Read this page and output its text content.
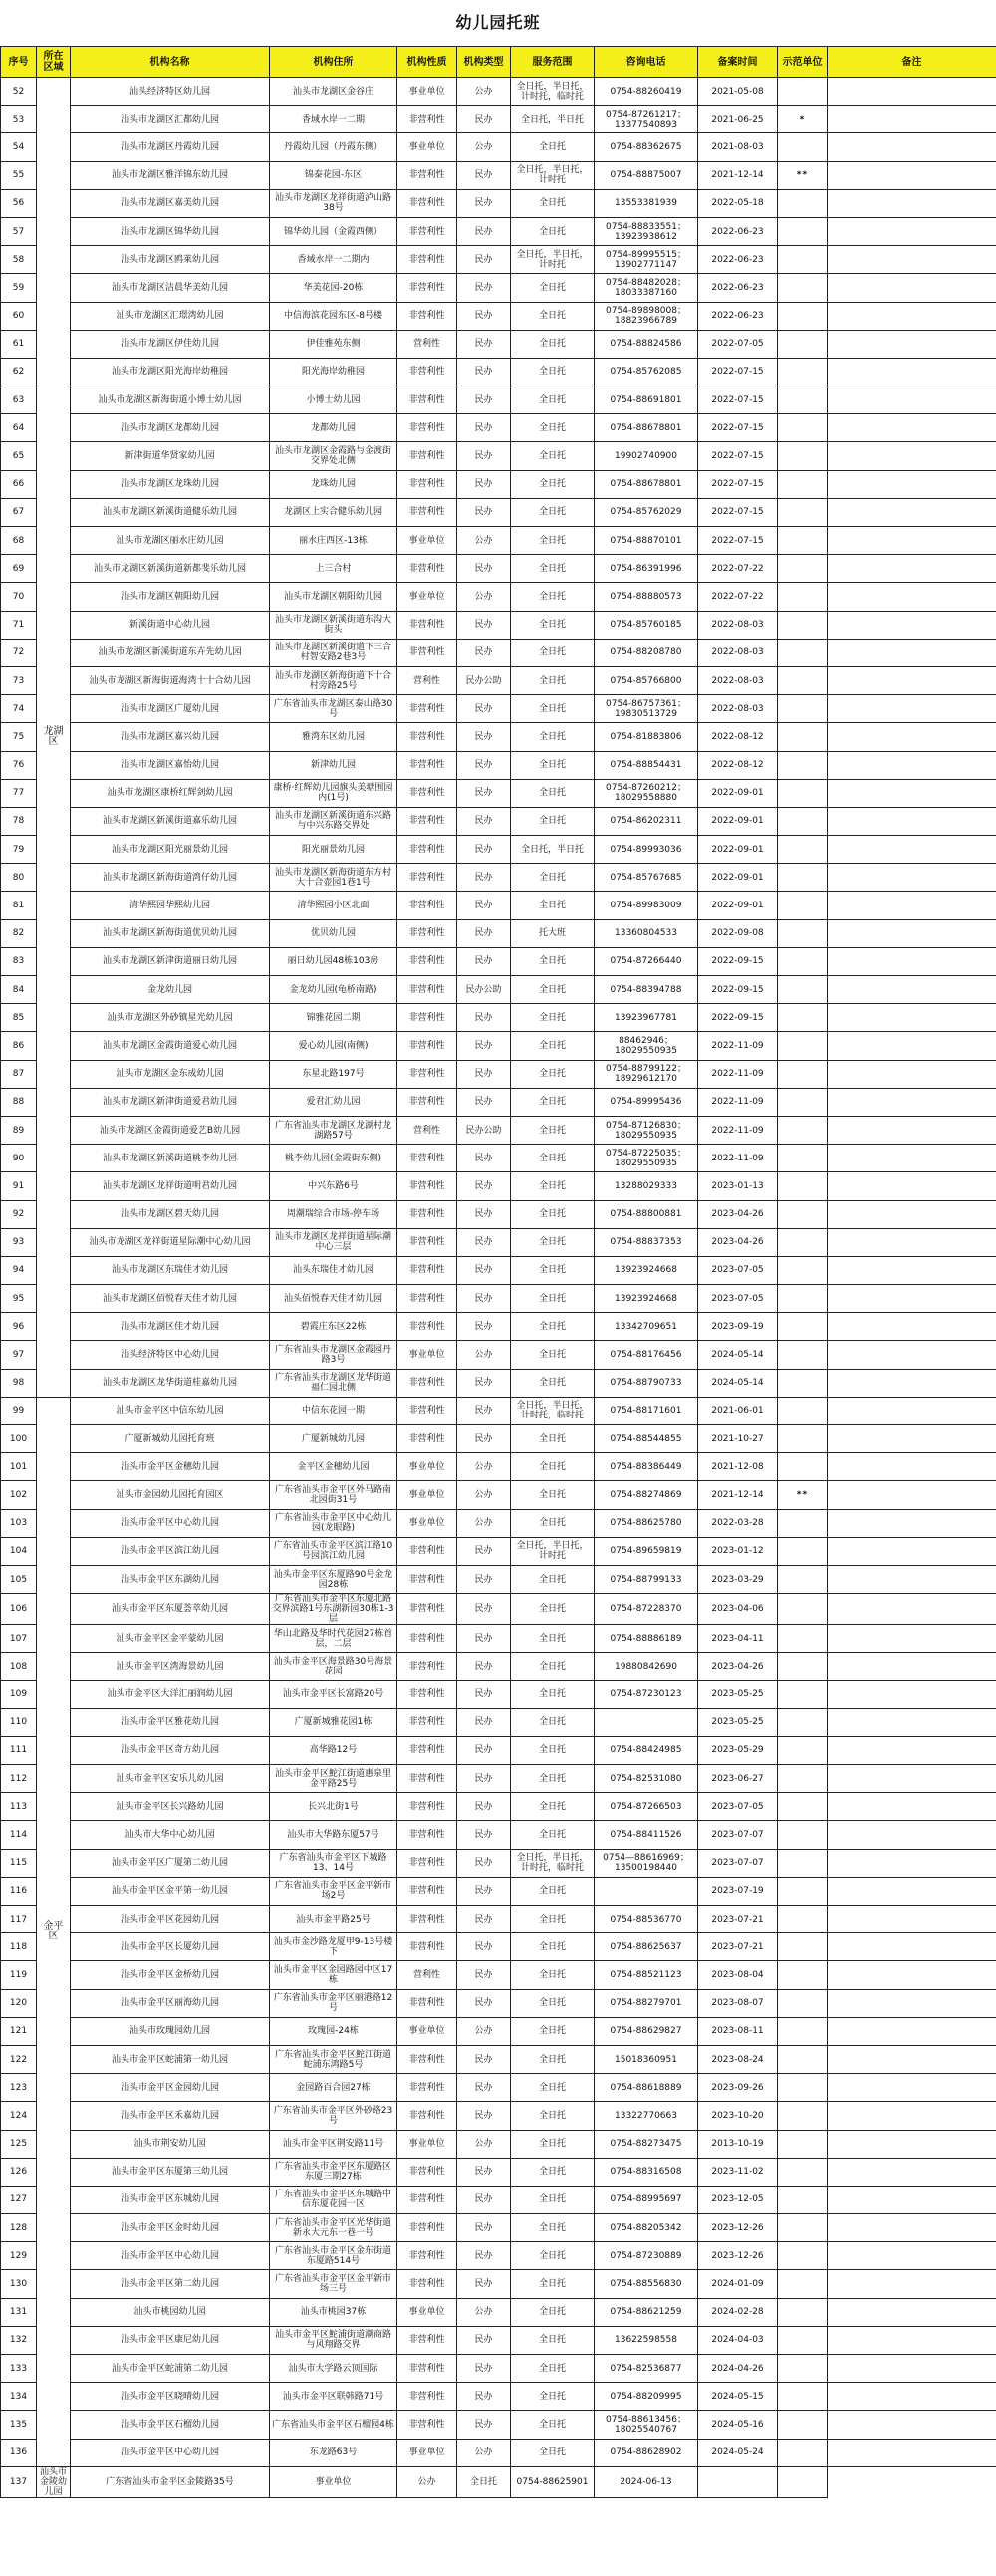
幼儿园托班
序号	所在区域	机构名称	机构住所	机构性质	机构类型	服务范围	咨询电话	备案时间	示范单位	备注
52	龙湖区	汕头经济特区幼儿园	汕头市龙湖区金谷庄	事业单位	公办	全日托，半日托，计时托，临时托	0754-88260419	2021-05-08		
53		汕头市龙湖区汇都幼儿园	香域水岸一二期	非营利性	民办	全日托，半日托	0754-87261217；13377540893	2021-06-25	*	
54		汕头市龙湖区丹霞幼儿园	丹霞幼儿园（丹霞东侧）	事业单位	公办	全日托	0754-88362675	2021-08-03		
55		汕头市龙湖区雅洋锦东幼儿园	锦泰花园-东区	非营利性	民办	全日托，半日托，计时托	0754-88875007	2021-12-14	**	
56		汕头市龙湖区嘉美幼儿园	汕头市龙湖区龙祥街道泸山路38号	非营利性	民办	全日托	13553381939	2022-05-18		
57		汕头市龙湖区锦华幼儿园	锦华幼儿园（金霞西侧）	非营利性	民办	全日托	0754-88833551；13923938612	2022-06-23		
58		汕头市龙湖区鸥莱幼儿园	香域水岸一二期内	非营利性	民办	全日托，半日托，计时托	0754-89995515；13902771147	2022-06-23		
59		汕头市龙湖区洁晨华美幼儿园	华美花园-20栋	非营利性	民办	全日托	0754-88482028；18033387160	2022-06-23		
60		汕头市龙湖区汇璟湾幼儿园	中信海滨花园东区-8号楼	非营利性	民办	全日托	0754-89898008；18823966789	2022-06-23		
61		汕头市龙湖区伊佳幼儿园	伊佳雅苑东侧	营利性	民办	全日托	0754-88824586	2022-07-05		
62		汕头市龙湖区阳光海岸幼稚园	阳光海岸幼稚园	非营利性	民办	全日托	0754-85762085	2022-07-15		
63		汕头市龙湖区新海街道小博士幼儿园	小博士幼儿园	非营利性	民办	全日托	0754-88691801	2022-07-15		
64		汕头市龙湖区龙都幼儿园	龙都幼儿园	非营利性	民办	全日托	0754-88678801	2022-07-15		
65		新津街道华贤家幼儿园	汕头市龙湖区金霞路与金渡街交界处北侧	非营利性	民办	全日托	19902740900	2022-07-15		
66		汕头市龙湖区龙珠幼儿园	龙珠幼儿园	非营利性	民办	全日托	0754-88678801	2022-07-15		
67		汕头市龙湖区新溪街道健乐幼儿园	龙湖区上实合健乐幼儿园	非营利性	民办	全日托	0754-85762029	2022-07-15		
68		汕头市龙湖区丽水庄幼儿园	丽水庄西区-13栋	事业单位	公办	全日托	0754-88870101	2022-07-15		
69		汕头市龙湖区新溪街道新都斐乐幼儿园	上三合村	非营利性	民办	全日托	0754-86391996	2022-07-22		
70		汕头市龙湖区朝阳幼儿园	汕头市龙湖区朝阳幼儿园	事业单位	公办	全日托	0754-88880573	2022-07-22		
71		新溪街道中心幼儿园	汕头市龙湖区新溪街道东沟大街头	非营利性	民办	全日托	0754-85760185	2022-08-03		
72		汕头市龙湖区新溪街道东卉先幼儿园	汕头市龙湖区新溪街道下三合村智安路2巷3号	非营利性	民办	全日托	0754-88208780	2022-08-03		
73		汕头市龙湖区新海街道海湾十十合幼儿园	汕头市龙湖区新海街道下十合村旁路25号	营利性	民办公助	全日托	0754-85766800	2022-08-03		
74		汕头市龙湖区广厦幼儿园	广东省汕头市龙湖区泰山路30号	非营利性	民办	全日托	0754-86757361；19830513729	2022-08-03		
75		汕头市龙湖区嘉兴幼儿园	雅湾东区幼儿园	非营利性	民办	全日托	0754-81883806	2022-08-12		
76		汕头市龙湖区嘉怡幼儿园	新津幼儿园	非营利性	民办	全日托	0754-88854431	2022-08-12		
77		汕头市龙湖区康桥红辉剑幼儿园	康桥·红辉幼儿园旗头美塘围园内(1号)	非营利性	民办	全日托	0754-87260212；18029558880	2022-09-01		
78		汕头市龙湖区新溪街道嘉乐幼儿园	汕头市龙湖区新溪街道东兴路与中兴东路交界处	非营利性	民办	全日托	0754-86202311	2022-09-01		
79		汕头市龙湖区阳光丽景幼儿园	阳光丽景幼儿园	非营利性	民办	全日托，半日托	0754-89993036	2022-09-01		
80		汕头市龙湖区新海街道湾仔幼儿园	汕头市龙湖区新海街道东方村大十合壶园1巷1号	非营利性	民办	全日托	0754-85767685	2022-09-01		
81		清华熙园华熙幼儿园	清华熙园小区北面	非营利性	民办	全日托	0754-89983009	2022-09-01		
82		汕头市龙湖区新海街道优贝幼儿园	优贝幼儿园	非营利性	民办	托大班	13360804533	2022-09-08		
83		汕头市龙湖区新津街道丽日幼儿园	丽日幼儿园48栋103房	非营利性	民办	全日托	0754-87266440	2022-09-15		
84		金龙幼儿园	金龙幼儿园(龟桥南路)	非营利性	民办公助	全日托	0754-88394788	2022-09-15		
85		汕头市龙湖区外砂镇星光幼儿园	锦雅花园二期	非营利性	民办	全日托	13923967781	2022-09-15		
86		汕头市龙湖区金霞街道爱心幼儿园	爱心幼儿园(南侧)	非营利性	民办	全日托	88462946；18029550935	2022-11-09		
87		汕头市龙湖区金东成幼儿园	东星北路197号	非营利性	民办	全日托	0754-88799122；18929612170	2022-11-09		
88		汕头市龙湖区新津街道爱君幼儿园	爱君汇幼儿园	非营利性	民办	全日托	0754-89995436	2022-11-09		
89		汕头市龙湖区金霞街道爱艺B幼儿园	广东省汕头市龙湖区龙湖村龙湖路57号	营利性	民办公助	全日托	0754-87126830；18029550935	2022-11-09		
90		汕头市龙湖区新溪街道桃李幼儿园	桃李幼儿园(金霞街东侧)	非营利性	民办	全日托	0754-87225035；18029550935	2022-11-09		
91		汕头市龙湖区龙祥街道明君幼儿园	中兴东路6号	非营利性	民办	全日托	13288029333	2023-01-13		
92		汕头市龙湖区碧天幼儿园	周潮瑞综合市场-停车场	非营利性	民办	全日托	0754-88800881	2023-04-26		
93		汕头市龙湖区龙祥街道星际潮中心幼儿园	汕头市龙湖区龙祥街道星际潮中心三层	非营利性	民办	全日托	0754-88837353	2023-04-26		
94		汕头市龙湖区东瑞佳才幼儿园	汕头东瑞佳才幼儿园	非营利性	民办	全日托	13923924668	2023-07-05		
95		汕头市龙湖区佰悦春天佳才幼儿园	汕头佰悦春天佳才幼儿园	非营利性	民办	全日托	13923924668	2023-07-05		
96		汕头市龙湖区佳才幼儿园	碧霞庄东区22栋	非营利性	民办	全日托	13342709651	2023-09-19		
97		汕头经济特区中心幼儿园	广东省汕头市龙湖区金霞园丹路3号	事业单位	公办	全日托	0754-88176456	2024-05-14		
98		汕头市龙湖区龙华街道桂嘉幼儿园	广东省汕头市龙湖区龙华街道福仁园北侧	非营利性	民办	全日托	0754-88790733	2024-05-14		
99	金平区	汕头市金平区中信东幼儿园	中信东花园一期	非营利性	民办	全日托，半日托，计时托，临时托	0754-88171601	2021-06-01		
100		广厦新城幼儿园托育班	广厦新城幼儿园	非营利性	民办	全日托	0754-88544855	2021-10-27		
101		汕头市金平区金穗幼儿园	金平区金穗幼儿园	事业单位	公办	全日托	0754-88386449	2021-12-08		
102		汕头市金园幼儿园托育园区	广东省汕头市金平区外马路南北园街31号	事业单位	公办	全日托	0754-88274869	2021-12-14	**	
103		汕头市金平区中心幼儿园	广东省汕头市金平区中心幼儿园(龙眼路)	事业单位	公办	全日托	0754-88625780	2022-03-28		
104		汕头市金平区滨江幼儿园	广东省汕头市金平区滨江路10号园滨江幼儿园	非营利性	民办	全日托，半日托，计时托	0754-89659819	2023-01-12		
105		汕头市金平区东湖幼儿园	汕头市金平区东厦路90号金龙园28栋	非营利性	民办	全日托	0754-88799133	2023-03-29		
106		汕头市金平区东厦荟萃幼儿园	广东省汕头市金平区东厦北路交界滨路1号东湖新园30栋1-3层	非营利性	民办	全日托	0754-87228370	2023-04-06		
107		汕头市金平区金平蒙幼儿园	华山北路及华时代花园27栋首层，二层	非营利性	民办	全日托	0754-88886189	2023-04-11		
108		汕头市金平区湾海景幼儿园	汕头市金平区海景路30号海景花园	非营利性	民办	全日托	19880842690	2023-04-26		
109		汕头市金平区大洋汇丽润幼儿园	汕头市金平区长富路20号	非营利性	民办	全日托	0754-87230123	2023-05-25		
110		汕头市金平区雅花幼儿园	广厦新城雅花园1栋	非营利性	民办	全日托		2023-05-25		
111		汕头市金平区奇方幼儿园	高华路12号	非营利性	民办	全日托	0754-88424985	2023-05-29		
112		汕头市金平区安乐儿幼儿园	汕头市金平区鮀江街道惠泉里金平路25号	非营利性	民办	全日托	0754-82531080	2023-06-27		
113		汕头市金平区长兴路幼儿园	长兴北街1号	非营利性	民办	全日托	0754-87266503	2023-07-05		
114		汕头市大华中心幼儿园	汕头市大华路东厦57号	非营利性	民办	全日托	0754-88411526	2023-07-07		
115		汕头市金平区广厦第二幼儿园	广东省汕头市金平区下城路13、14号	非营利性	民办	全日托，半日托，计时托，临时托	0754—88616969；13500198440	2023-07-07		
116		汕头市金平区金平第一幼儿园	广东省汕头市金平区金平新市场2号	非营利性	民办	全日托		2023-07-19		
117		汕头市金平区花园幼儿园	汕头市金平路25号	非营利性	民办	全日托	0754-88536770	2023-07-21		
118		汕头市金平区长厦幼儿园	汕头市金沙路龙厦甲9-13号楼下	非营利性	民办	全日托	0754-88625637	2023-07-21		
119		汕头市金平区金桥幼儿园	汕头市金平区金园路园中区17栋	营利性	民办	全日托	0754-88521123	2023-08-04		
120		汕头市金平区丽海幼儿园	广东省汕头市金平区丽港路12号	非营利性	民办	全日托	0754-88279701	2023-08-07		
121		汕头市玫瑰园幼儿园	玫瑰园-24栋	事业单位	公办	全日托	0754-88629827	2023-08-11		
122		汕头市金平区蛇浦第一幼儿园	广东省汕头市金平区鮀江街道蛇浦东鸿路5号	非营利性	民办	全日托	15018360951	2023-08-24		
123		汕头市金平区金园幼儿园	金园路百合园27栋	非营利性	民办	全日托	0754-88618889	2023-09-26		
124		汕头市金平区禾嘉幼儿园	广东省汕头市金平区外砂路23号	非营利性	民办	全日托	13322770663	2023-10-20		
125		汕头市荆安幼儿园	汕头市金平区荆安路11号	事业单位	公办	全日托	0754-88273475	2013-10-19		
126		汕头市金平区东厦第三幼儿园	广东省汕头市金平区东厦路区东厦三期27栋	非营利性	民办	全日托	0754-88316508	2023-11-02		
127		汕头市金平区东城幼儿园	广东省汕头市金平区东城路中信东厦花园一区	非营利性	民办	全日托	0754-88995697	2023-12-05		
128		汕头市金平区金时幼儿园	广东省汕头市金平区光华街道新永大元东一巷一号	非营利性	民办	全日托	0754-88205342	2023-12-26		
129		汕头市金平区中心幼儿园	广东省汕头市金平区金东街道东厦路514号	非营利性	民办	全日托	0754-87230889	2023-12-26		
130		汕头市金平区第二幼儿园	广东省汕头市金平区金平新市场三号	非营利性	民办	全日托	0754-88556830	2024-01-09		
131		汕头市桃园幼儿园	汕头市桃园37栋	事业单位	公办	全日托	0754-88621259	2024-02-28		
132		汕头市金平区康尼幼儿园	汕头市金平区鮀浦街道潮商路与风翔路交界	非营利性	民办	全日托	13622598558	2024-04-03		
133		汕头市金平区蛇浦第二幼儿园	汕头市大学路云顶国际	非营利性	民办	全日托	0754-82536877	2024-04-26		
134		汕头市金平区晓晴幼儿园	汕头市金平区联韩路71号	非营利性	民办	全日托	0754-88209995	2024-05-15		
135		汕头市金平区石榴幼儿园	广东省汕头市金平区石榴园4栋	非营利性	民办	全日托	0754-88613456；18025540767	2024-05-16		
136		汕头市金平区中心幼儿园	东龙路63号	事业单位	公办	全日托	0754-88628902	2024-05-24		
137	汕头市金陵幼儿园	广东省汕头市金平区金陵路35号	事业单位	公办	全日托	0754-88625901	2024-06-13			
